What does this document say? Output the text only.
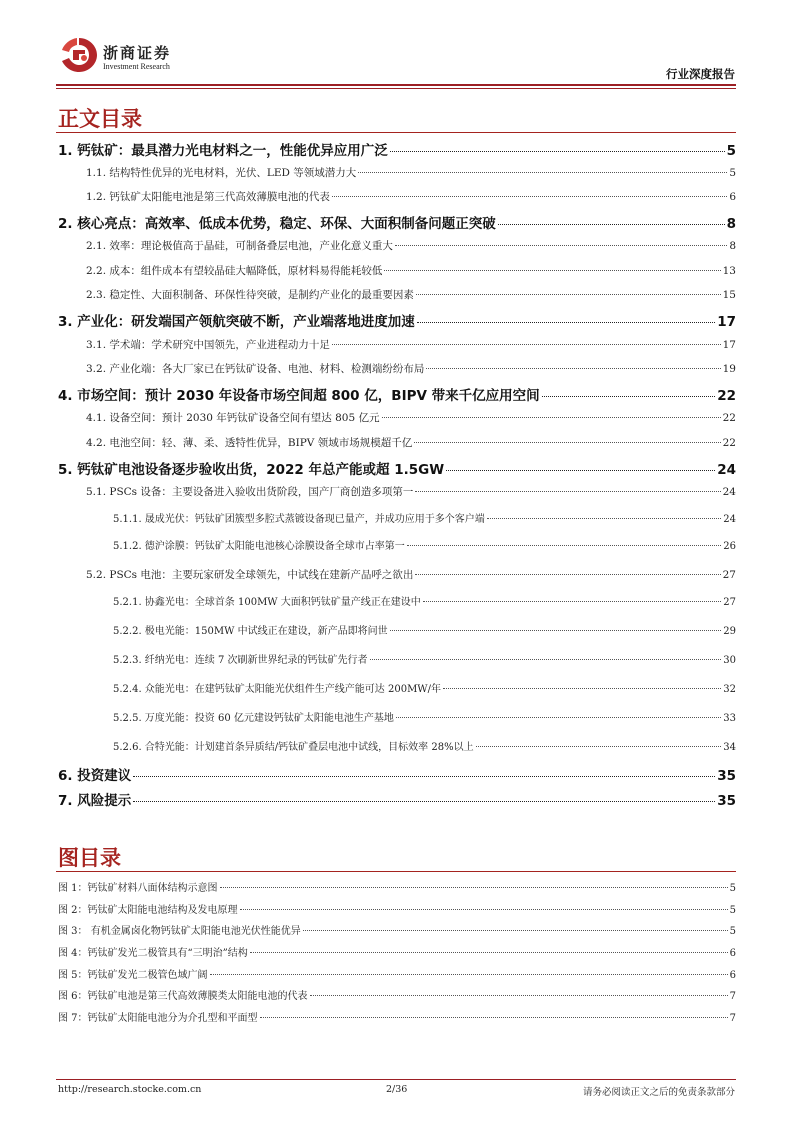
浙商证券
Investment Research
行业深度报告
正文目录
1. 钙钛矿：最具潜力光电材料之一，性能优异应用广泛	5
1.1. 结构特性优异的光电材料，光伏、LED 等领域潜力大	5
1.2. 钙钛矿太阳能电池是第三代高效薄膜电池的代表	6
2. 核心亮点：高效率、低成本优势，稳定、环保、大面积制备问题正突破	8
2.1. 效率：理论极值高于晶硅，可制备叠层电池，产业化意义重大	8
2.2. 成本：组件成本有望较晶硅大幅降低，原材料易得能耗较低	13
2.3. 稳定性、大面积制备、环保性待突破，是制约产业化的最重要因素	15
3. 产业化：研发端国产领航突破不断，产业端落地进度加速	17
3.1. 学术端：学术研究中国领先，产业进程动力十足	17
3.2. 产业化端：各大厂家已在钙钛矿设备、电池、材料、检测端纷纷布局	19
4. 市场空间：预计 2030 年设备市场空间超 800 亿，BIPV 带来千亿应用空间	22
4.1. 设备空间：预计 2030 年钙钛矿设备空间有望达 805 亿元	22
4.2. 电池空间：轻、薄、柔、透特性优异，BIPV 领域市场规模超千亿	22
5. 钙钛矿电池设备逐步验收出货，2022 年总产能或超 1.5GW	24
5.1. PSCs 设备：主要设备进入验收出货阶段，国产厂商创造多项第一	24
5.1.1. 晟成光伏：钙钛矿团簇型多腔式蒸镀设备现已量产，并成功应用于多个客户端	24
5.1.2. 德沪涂膜：钙钛矿太阳能电池核心涂膜设备全球市占率第一	26
5.2. PSCs 电池：主要玩家研发全球领先，中试线在建新产品呼之欲出	27
5.2.1. 协鑫光电：全球首条 100MW 大面积钙钛矿量产线正在建设中	27
5.2.2. 极电光能：150MW 中试线正在建设，新产品即将问世	29
5.2.3. 纤纳光电：连续 7 次刷新世界纪录的钙钛矿先行者	30
5.2.4. 众能光电：在建钙钛矿太阳能光伏组件生产线产能可达 200MW/年	32
5.2.5. 万度光能：投资 60 亿元建设钙钛矿太阳能电池生产基地	33
5.2.6. 合特光能：计划建首条异质结/钙钛矿叠层电池中试线，目标效率 28%以上	34
6. 投资建议	35
7. 风险提示	35
图目录
图 1：钙钛矿材料八面体结构示意图	5
图 2：钙钛矿太阳能电池结构及发电原理	5
图 3： 有机金属卤化物钙钛矿太阳能电池光伏性能优异	5
图 4：钙钛矿发光二极管具有“三明治”结构	6
图 5：钙钛矿发光二极管色域广阔	6
图 6：钙钛矿电池是第三代高效薄膜类太阳能电池的代表	7
图 7：钙钛矿太阳能电池分为介孔型和平面型	7
http://research.stocke.com.cn	2/36	请务必阅读正文之后的免责条款部分
